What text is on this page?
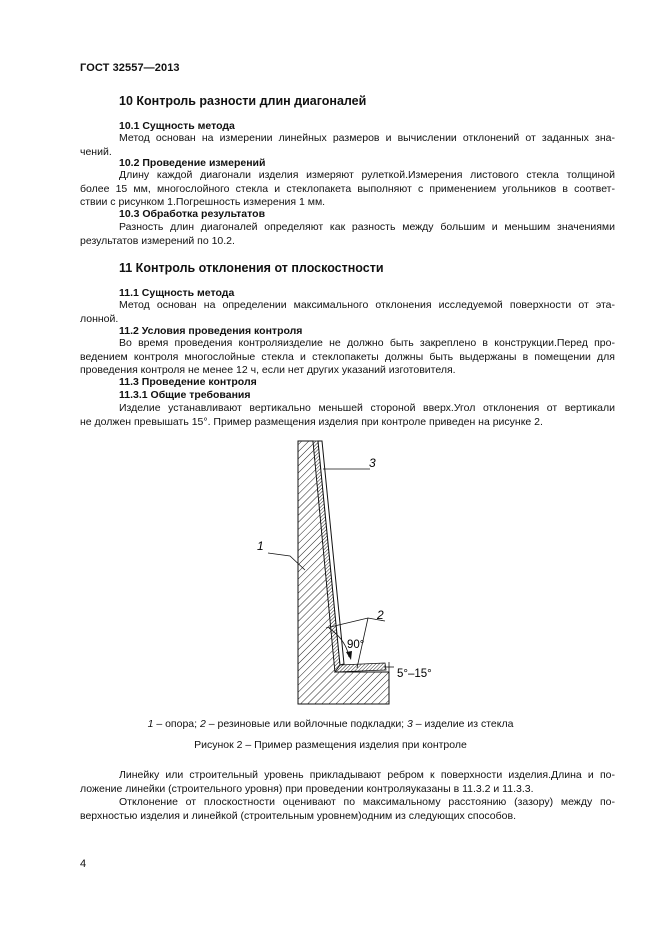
ГОСТ 32557—2013
10 Контроль разности длин диагоналей
10.1 Сущность метода
Метод основан на измерении линейных размеров и вычислении отклонений от заданных зна-
чений.
10.2 Проведение измерений
Длину каждой диагонали изделия измеряют рулеткой.Измерения листового стекла толщиной
более 15 мм, многослойного стекла и стеклопакета выполняют с применением угольников в соответ-
ствии с рисунком 1.Погрешность измерения 1 мм.
10.3 Обработка результатов
Разность длин диагоналей определяют как разность между большим и меньшим значениями
результатов измерений по 10.2.
11 Контроль отклонения от плоскостности
11.1 Сущность метода
Метод основан на определении максимального отклонения исследуемой поверхности от эта-
лонной.
11.2 Условия проведения контроля
Во время проведения контроляизделие не должно быть закреплено в конструкции.Перед про-
ведением контроля многослойные стекла и стеклопакеты должны быть выдержаны в помещении для
проведения контроля не менее 12 ч, если нет других указаний изготовителя.
11.3 Проведение контроля
11.3.1 Общие требования
Изделие устанавливают вертикально меньшей стороной вверх.Угол отклонения от вертикали
не должен превышать 15°. Пример размещения изделия при контроле приведен на рисунке 2.
3
1
2
90°
5°–15°
1 – опора; 2 – резиновые или войлочные подкладки; 3 – изделие из стекла
Рисунок 2 – Пример размещения изделия при контроле
Линейку или строительный уровень прикладывают ребром к поверхности изделия.Длина и по-
ложение линейки (строительного уровня) при проведении контроляуказаны в 11.3.2 и 11.3.3.
Отклонение от плоскостности оценивают по максимальному расстоянию (зазору) между по-
верхностью изделия и линейкой (строительным уровнем)одним из следующих способов.
4
